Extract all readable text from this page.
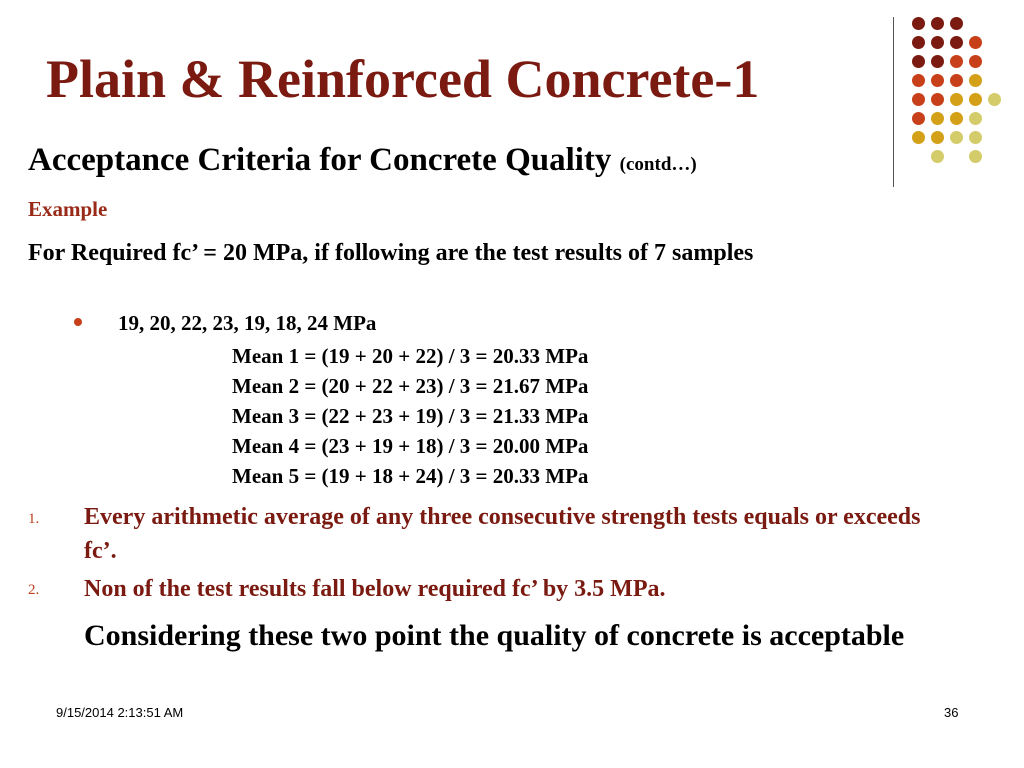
Plain & Reinforced Concrete-1
Acceptance Criteria for Concrete Quality (contd…)
Example
For Required fc’ = 20 MPa, if following are the test results of 7 samples
19, 20, 22, 23, 19, 18, 24 MPa
Mean 1 = (19 + 20 + 22) / 3 = 20.33 MPa
Mean 2 = (20 + 22 + 23) / 3 = 21.67 MPa
Mean 3 = (22 + 23 + 19) / 3 = 21.33 MPa
Mean 4 = (23 + 19 + 18) / 3 = 20.00 MPa
Mean 5 = (19 + 18 + 24) / 3 = 20.33 MPa
1. Every arithmetic average of any three consecutive strength tests equals or exceeds fc’.
2. Non of the test results fall below required fc’ by 3.5 MPa.
Considering these two point the quality of concrete is acceptable
9/15/2014 2:13:51 AM	36
